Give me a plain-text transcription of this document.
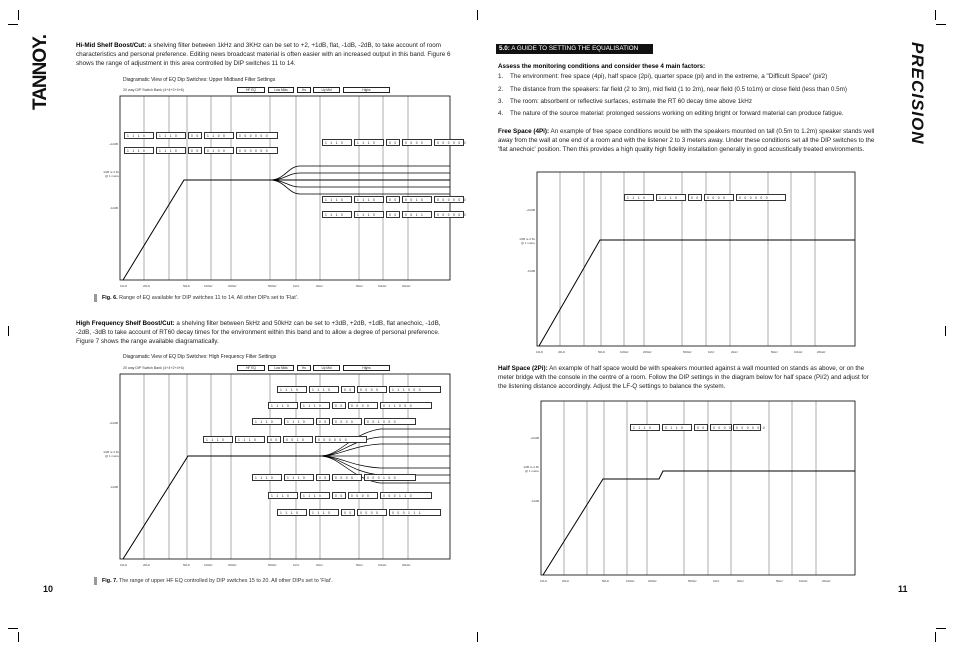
TANNOY.	PRECISION
Hi-Mid Shelf Boost/Cut: a shelving filter between 1kHz and 3KHz can be set to +2, +1dB, flat, -1dB, -2dB, to take account of room characteristics and personal preference. Editing news broadcast material is often easier with an increased output in this band. Figure 6 shows the range of adjustment in this area controlled by DIP switches 11 to 14.
Diagramatic View of EQ Dip Switches: Upper Midband Filter Settings
20 way DIP Switch Bank (4+4+2+4+6)	HF EQ	Low Mids	Hs	Up Mid	Highs
+10dB
0dB re 2.8v
@ 1 metre
-10dB
10Hz	20Hz	50Hz	100Hz	200Hz	500Hz	1khz	2kHz	5kHz	10kHz	20kHz
1 1 1 0	1 1 1 0	0 0	1 1 0 0	0 0 0 0 0 0
1 1 1 0	1 1 1 0	0 0	0 1 0 0	0 0 0 0 0 0
1 1 1 0	1 1 1 0	0 0	0 0 0 0	0 0 0 0 0 0
1 1 1 0	1 1 1 0	0 0	0 0 1 0	0 0 0 0 0 0
1 1 1 0	1 1 1 0	0 0	0 0 1 1	0 0 0 0 0 0
Fig. 6. Range of EQ available for DIP switches 11 to 14. All other DIPs set to 'Flat'.
High Frequency Shelf Boost/Cut: a shelving filter between 5kHz and 50kHz can be set to +3dB, +2dB, +1dB, flat anechoic, -1dB, -2dB, -3dB to take account of RT60 decay times for the environment within this band and to allow a degree of personal preference. Figure 7 shows the range available diagramatically.
Diagramatic View of EQ Dip Switches: High Frequency Filter Settings
20 way DIP Switch Bank (4+4+2+4+6)	HF EQ	Low Mids	Hs	Up Mid	Highs
+10dB
0dB re 2.8v
@ 1 metre
-10dB
10Hz	20Hz	50Hz	100Hz	200Hz	500Hz	1khz	2kHz	5kHz	10kHz	20kHz
1 1 1 0	1 1 1 0	0 0	0 0 0 0	1 1 1 0 0 0
1 1 1 0	1 1 1 0	0 0	0 0 0 0	0 1 1 0 0 0
1 1 1 0	1 1 1 0	0 0	0 0 0 0	0 0 1 0 0 0
1 1 1 0	1 1 1 0	0 0	0 0 1 0	0 0 0 0 0 0
1 1 1 0	1 1 1 0	0 0	0 0 0 0	0 0 0 1 0 0
1 1 1 0	1 1 1 0	0 0	0 0 0 0	0 0 0 1 1 0
1 1 1 0	1 1 1 0	0 0	0 0 0 0	0 0 0 1 1 1
Fig. 7. The range of upper HF EQ controlled by DIP switches 15 to 20. All other DIPs set to 'Flat'.
10
5.0: A GUIDE TO SETTING THE EQUALISATION
Assess the monitoring conditions and consider these 4 main factors:
1. The environment: free space (4pi), half space (2pi), quarter space (pi) and in the extreme, a "Difficult Space" (pi/2)
2. The distance from the speakers: far field (2 to 3m), mid field (1 to 2m), near field (0.5 to1m) or close field (less than 0.5m)
3. The room: absorbent or reflective surfaces, estimate the RT 60 decay time above 1kHz
4. The nature of the source material: prolonged sessions working on editing bright or forward material can produce fatigue.
Free Space (4Pi): An example of free space conditions would be with the speakers mounted on tall (0.5m to 1.2m) speaker stands well away from the wall at one end of a room and with the listener 2 to 3 meters away. Under these conditions set all the DIP switches to the 'flat anechoic' position. Then this provides a high quality high fidelity installation generally in good acoustically treated environments.
+10dB
0dB re 2.8v
@ 1 metre
-10dB
10Hz	20Hz	50Hz	100Hz	200Hz	500Hz	1khz	2kHz	5kHz	10kHz	20kHz
1 1 1 0	1 1 1 0	0 0	0 0 0 0	0 0 0 0 0 0
Half Space (2Pi): An example of half space would be with speakers mounted against a wall mounted on stands as above, or on the meter bridge with the console in the centre of a room. Follow the DIP settings in the diagram below for half space (Pi/2) and adjust for the listening distance accordingly. Adjust the LF-Q settings to balance the system.
+10dB
0dB re 2.8v
@ 1 metre
-10dB
10Hz	20Hz	50Hz	100Hz	200Hz	500Hz	1khz	2kHz	5kHz	10kHz	20kHz
1 1 1 0	0 1 1 0	0 0	0 0 0 0	0 0 0 0 0 0
11
